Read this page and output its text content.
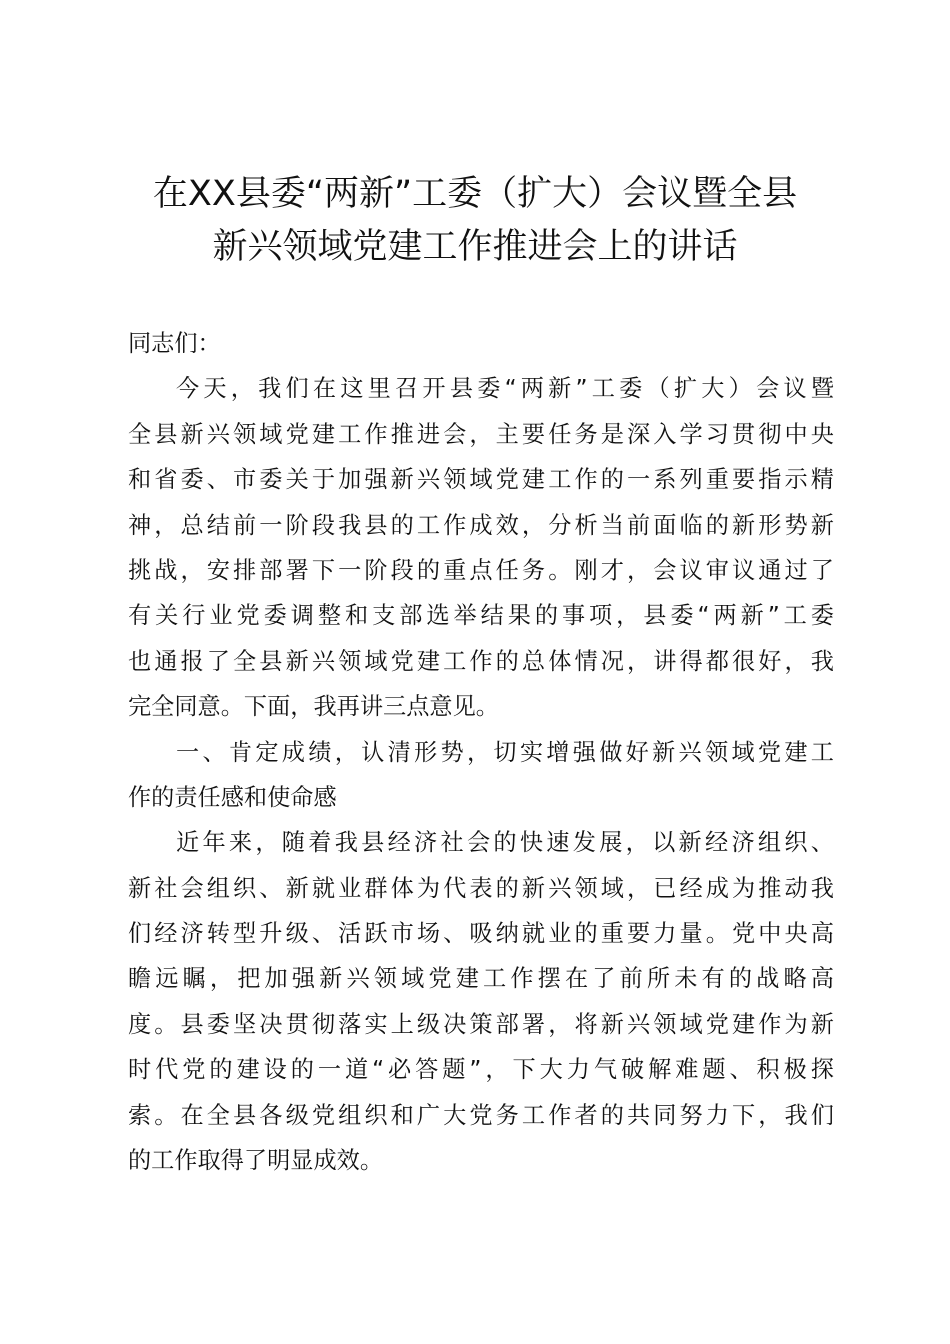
在XX县委“两新”工委（扩大）会议暨全县
新兴领域党建工作推进会上的讲话
同志们：
今天，我们在这里召开县委“两新”工委（扩大）会议暨
全县新兴领域党建工作推进会，主要任务是深入学习贯彻中央
和省委、市委关于加强新兴领域党建工作的一系列重要指示精
神，总结前一阶段我县的工作成效，分析当前面临的新形势新
挑战，安排部署下一阶段的重点任务。刚才，会议审议通过了
有关行业党委调整和支部选举结果的事项，县委“两新”工委
也通报了全县新兴领域党建工作的总体情况，讲得都很好，我
完全同意。下面，我再讲三点意见。
一、肯定成绩，认清形势，切实增强做好新兴领域党建工
作的责任感和使命感
近年来，随着我县经济社会的快速发展，以新经济组织、
新社会组织、新就业群体为代表的新兴领域，已经成为推动我
们经济转型升级、活跃市场、吸纳就业的重要力量。党中央高
瞻远瞩，把加强新兴领域党建工作摆在了前所未有的战略高
度。县委坚决贯彻落实上级决策部署，将新兴领域党建作为新
时代党的建设的一道“必答题”，下大力气破解难题、积极探
索。在全县各级党组织和广大党务工作者的共同努力下，我们
的工作取得了明显成效。
